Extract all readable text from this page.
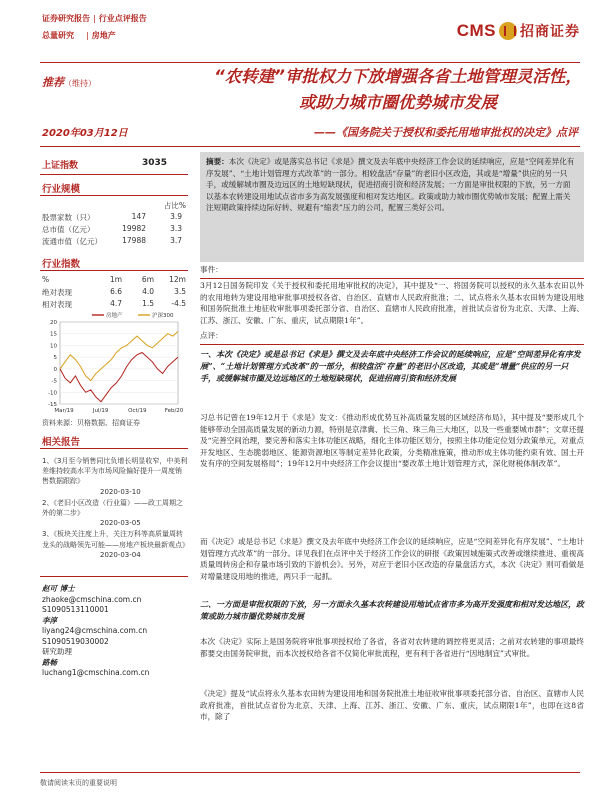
证券研究报告 | 行业点评报告
总量研究 | 房地产	CMS 招商证券
推荐（维持）	“农转建”审批权力下放增强各省土地管理灵活性，或助力城市圈优势城市发展
2020年03月12日	——《国务院关于授权和委托用地审批权的决定》点评
上证指数	3035
行业规模
占比%
股票家数（只）	147	3.9
总市值（亿元）	19982	3.3
流通市值（亿元）	17988	3.7
行业指数
%	1m	6m	12m
绝对表现	6.6	4.0	3.5
相对表现	4.7	1.5	-4.5
20
15
10
5
0
-5
-10
-15
Mar/19	Jul/19	Oct/19	Feb/20
房地产	沪深300
资料来源：贝格数据、招商证券
相关报告
1、《3月至今销售同比负增长明显收窄，中美利差维持较高水平为市场风险偏好提升一周度销售数据跟踪》
2020-03-10
2、《老旧小区改造（行业篇）——政工周期之外的第二步》
2020-03-05
3、《板块关注度上升，关注万科等高质量周转龙头的战略领先可能——房地产板块最新观点》
2020-03-04
赵可 博士
zhaoke@cmschina.com.cn
S1090513110001
李淳
liyang24@cmschina.com.cn
S1090519030002
研究助理
路畅
luchang1@cmschina.com.cn
摘要：本次《决定》或是落实总书记《求是》撰文及去年底中央经济工作会议的延续响应，应是“空间差异化有序发展”、“土地计划管理方式改革”的一部分。相较盘活“存量”的老旧小区改造，其或是“增量”供应的另一只手，或缓解城市圈及边远区的土地短缺现状，促进招商引资和经济发展；一方面是审批权限的下放，另一方面以基本农转建设用地试点省市多为高发展强度和相对发达地区。政策或助力城市圈优势城市发展；配置上需关注短期政策持续边际好转、规避有“缩表”压力的公司，配置三类好公司。
事件：
3月12日国务院印发《关于授权和委托用地审批权的决定》，其中提及“一、将国务院可以授权的永久基本农田以外的农用地转为建设用地审批事项授权各省、自治区、直辖市人民政府批准；二、试点将永久基本农田转为建设用地和国务院批准土地征收审批事项委托部分省、自治区、直辖市人民政府批准，首批试点省份为北京、天津、上海、江苏、浙江、安徽、广东、重庆，试点期限1年”。
点评：
一、本次《决定》或是总书记《求是》撰文及去年底中央经济工作会议的延续响应，应是“空间差异化有序发展”、“土地计划管理方式改革”的一部分，相较盘活“存量”的老旧小区改造，其或是“增量”供应的另一只手，或缓解城市圈及边远地区的土地短缺现状，促进招商引资和经济发展
习总书记曾在19年12月于《求是》发文：《推动形成优势互补高质量发展的区域经济布局》，其中提及“要形成几个能够带动全国高质量发展的新动力源，特别是京津冀、长三角、珠三角三大地区，以及一些重要城市群”；文章还提及“完善空间治理，要完善和落实主体功能区战略，细化主体功能区划分，按照主体功能定位划分政策单元，对重点开发地区、生态脆弱地区、能源资源地区等制定差异化政策，分类精准施策，推动形成主体功能约束有效、国土开发有序的空间发展格局”；19年12月中央经济工作会议提出“要改革土地计划管理方式，深化财税体制改革”。
而《决定》或是总书记《求是》撰文及去年底中央经济工作会议的延续响应，应是“空间差异化有序发展”、“土地计划管理方式改革”的一部分。详见我们在点评中关于经济工作会议的研报《政策因城施策式改善或继续推进、重视高质量周转房企和存量市场引致的下游机会》。另外，对应于老旧小区改造的存量盘活方式，本次《决定》则可看做是对增量建设用地的推进，两只手一起抓。
二、一方面是审批权限的下放，另一方面永久基本农转建设用地试点省市多为高开发强度和相对发达地区，政策或助力城市圈优势城市发展
本次《决定》实际上是国务院将审批事项授权给了各省，各省对农转建的调控将更灵活；之前对农转建的事项最终都要交由国务院审批，而本次授权给各省不仅简化审批流程，更有利于各省进行“因地制宜”式审批。
《决定》提及“试点将永久基本农田转为建设用地和国务院批准土地征收审批事项委托部分省、自治区、直辖市人民政府批准，首批试点省份为北京、天津、上海、江苏、浙江、安徽、广东、重庆，试点期限1年”，也即在这8省市，除了
敬请阅读末页的重要说明
